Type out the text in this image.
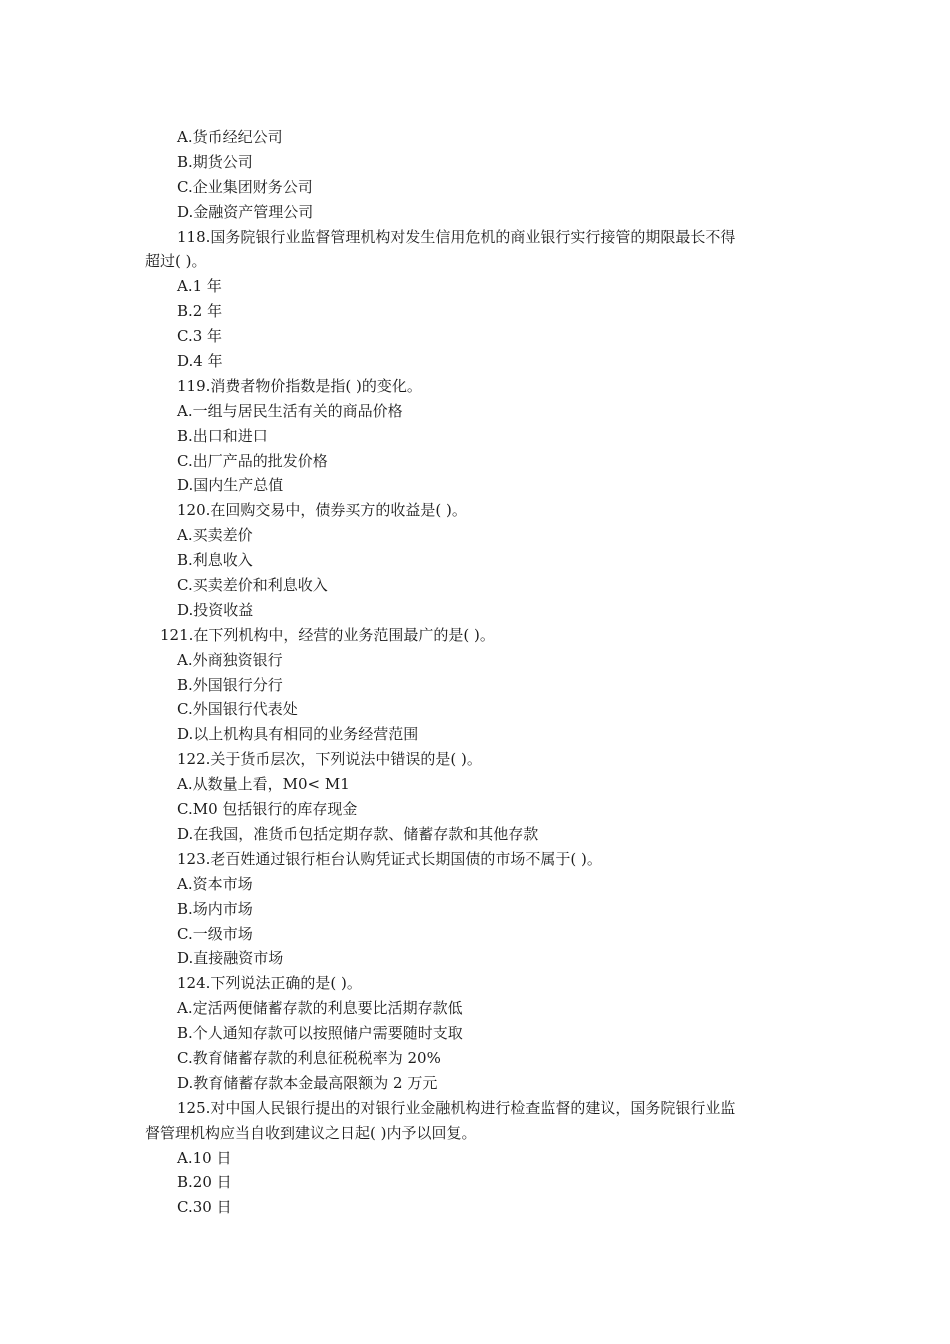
A.货币经纪公司

B.期货公司

C.企业集团财务公司

D.金融资产管理公司

118.国务院银行业监督管理机构对发生信用危机的商业银行实行接管的期限最长不得

超过( )。

A.1 年

B.2 年

C.3 年

D.4 年

119.消费者物价指数是指( )的变化。

A.一组与居民生活有关的商品价格

B.出口和进口

C.出厂产品的批发价格

D.国内生产总值

120.在回购交易中，债券买方的收益是( )。

A.买卖差价

B.利息收入

C.买卖差价和利息收入

D.投资收益

121.在下列机构中，经营的业务范围最广的是( )。

A.外商独资银行

B.外国银行分行

C.外国银行代表处

D.以上机构具有相同的业务经营范围

122.关于货币层次，下列说法中错误的是( )。

A.从数量上看，M0< M1

C.M0 包括银行的库存现金

D.在我国，准货币包括定期存款、储蓄存款和其他存款

123.老百姓通过银行柜台认购凭证式长期国债的市场不属于( )。

A.资本市场

B.场内市场

C.一级市场

D.直接融资市场

124.下列说法正确的是( )。

A.定活两便储蓄存款的利息要比活期存款低

B.个人通知存款可以按照储户需要随时支取

C.教育储蓄存款的利息征税税率为 20%

D.教育储蓄存款本金最高限额为 2 万元

125.对中国人民银行提出的对银行业金融机构进行检查监督的建议，国务院银行业监

督管理机构应当自收到建议之日起( )内予以回复。

A.10 日

B.20 日

C.30 日
